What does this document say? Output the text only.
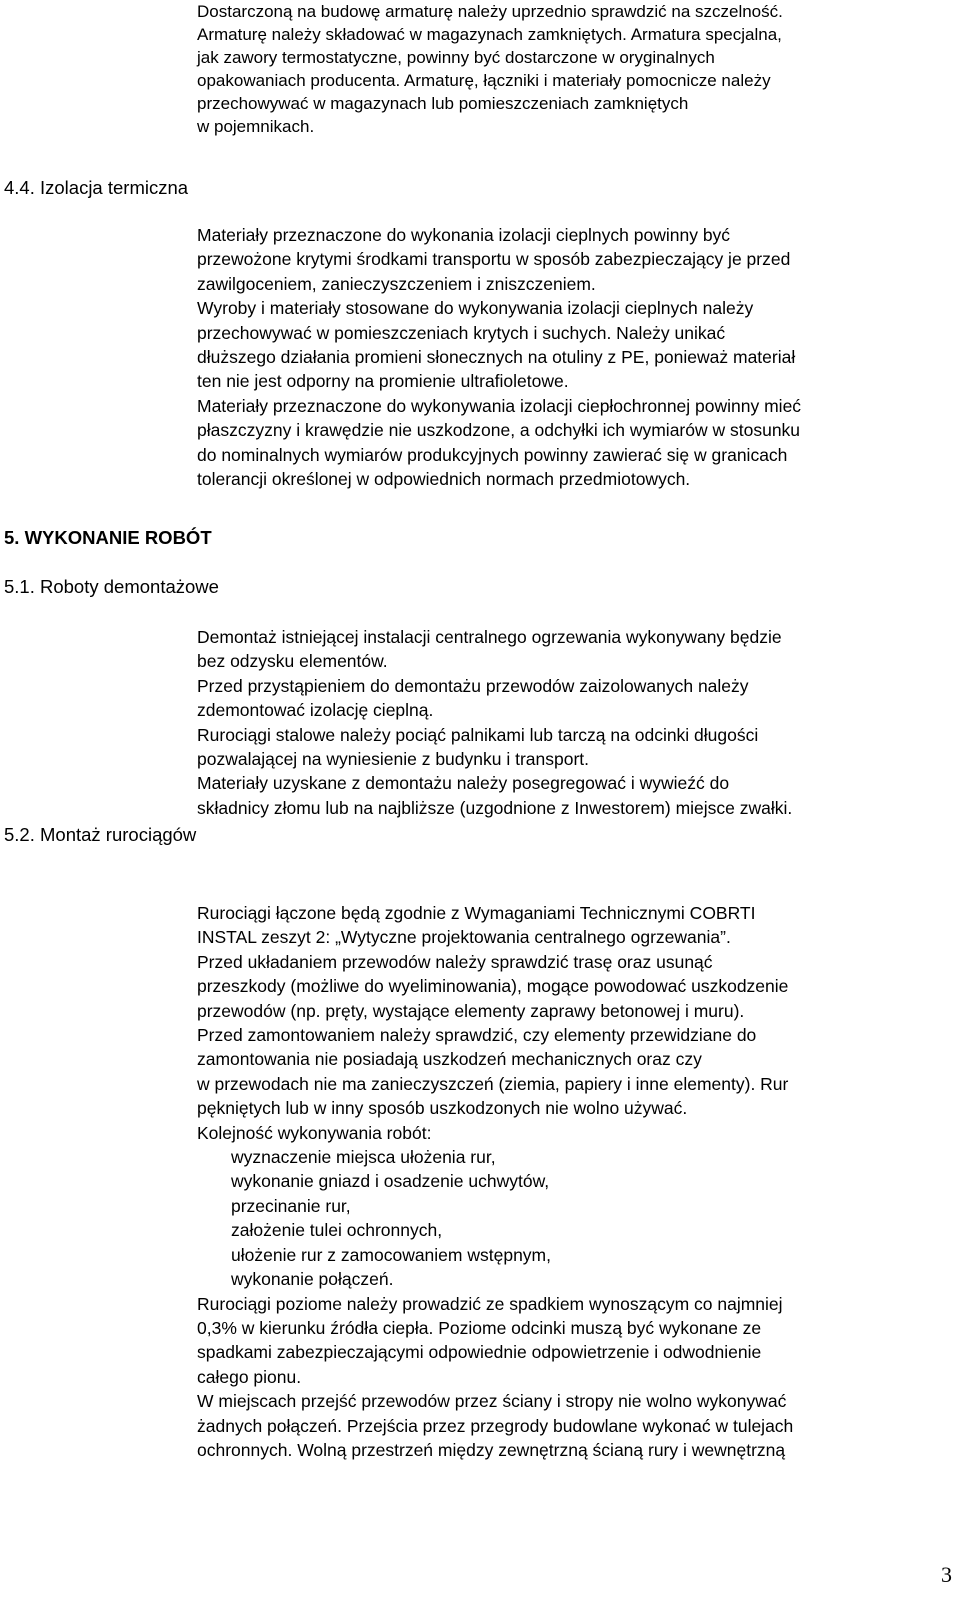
Dostarczoną na budowę armaturę należy uprzednio sprawdzić na szczelność.
Armaturę należy składować w magazynach zamkniętych. Armatura specjalna,
jak zawory termostatyczne, powinny być dostarczone w oryginalnych
opakowaniach producenta. Armaturę, łączniki i materiały pomocnicze należy
przechowywać w magazynach lub pomieszczeniach zamkniętych
w pojemnikach.
4.4. Izolacja termiczna
Materiały przeznaczone do wykonania izolacji cieplnych powinny być
przewożone krytymi środkami transportu w sposób zabezpieczający je przed
zawilgoceniem, zanieczyszczeniem i zniszczeniem.
Wyroby i materiały stosowane do wykonywania izolacji cieplnych należy
przechowywać w pomieszczeniach krytych i suchych. Należy unikać
dłuższego działania promieni słonecznych na otuliny z PE, ponieważ materiał
ten nie jest odporny na promienie ultrafioletowe.
Materiały przeznaczone do wykonywania izolacji ciepłochronnej powinny mieć
płaszczyzny i krawędzie nie uszkodzone, a odchyłki ich wymiarów w stosunku
do nominalnych wymiarów produkcyjnych powinny zawierać się w granicach
tolerancji określonej w odpowiednich normach przedmiotowych.
5. WYKONANIE ROBÓT
5.1. Roboty demontażowe
Demontaż istniejącej instalacji centralnego ogrzewania wykonywany będzie
bez odzysku elementów.
Przed przystąpieniem do demontażu przewodów zaizolowanych należy
zdemontować izolację cieplną.
Rurociągi stalowe należy pociąć palnikami lub tarczą na odcinki długości
pozwalającej na wyniesienie z budynku i transport.
Materiały uzyskane z demontażu należy posegregować i wywieźć do
składnicy złomu lub na najbliższe (uzgodnione z Inwestorem) miejsce zwałki.
5.2. Montaż rurociągów
Rurociągi łączone będą zgodnie z Wymaganiami Technicznymi COBRTI
INSTAL zeszyt 2: „Wytyczne projektowania centralnego ogrzewania”.
Przed układaniem przewodów należy sprawdzić trasę oraz usunąć
przeszkody (możliwe do wyeliminowania), mogące powodować uszkodzenie
przewodów (np. pręty, wystające elementy zaprawy betonowej i muru).
Przed zamontowaniem należy sprawdzić, czy elementy przewidziane do
zamontowania nie posiadają uszkodzeń mechanicznych oraz czy
w przewodach nie ma zanieczyszczeń (ziemia, papiery i inne elementy). Rur
pękniętych lub w inny sposób uszkodzonych nie wolno używać.
Kolejność wykonywania robót:
wyznaczenie miejsca ułożenia rur,
wykonanie gniazd i osadzenie uchwytów,
przecinanie rur,
założenie tulei ochronnych,
ułożenie rur z zamocowaniem wstępnym,
wykonanie połączeń.
Rurociągi poziome należy prowadzić ze spadkiem wynoszącym co najmniej
0,3% w kierunku źródła ciepła. Poziome odcinki muszą być wykonane ze
spadkami zabezpieczającymi odpowiednie odpowietrzenie i odwodnienie
całego pionu.
W miejscach przejść przewodów przez ściany i stropy nie wolno wykonywać
żadnych połączeń. Przejścia przez przegrody budowlane wykonać w tulejach
ochronnych. Wolną przestrzeń między zewnętrzną ścianą rury i wewnętrzną
3
